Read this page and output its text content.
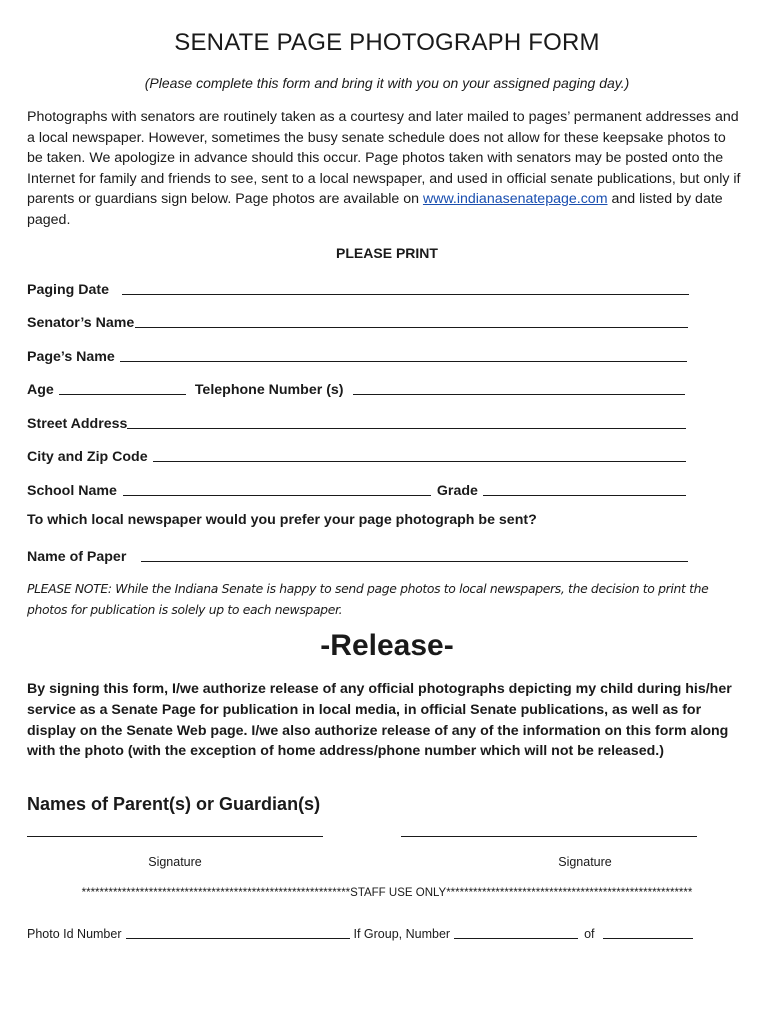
SENATE PAGE PHOTOGRAPH FORM
(Please complete this form and bring it with you on your assigned paging day.)
Photographs with senators are routinely taken as a courtesy and later mailed to pages’ permanent addresses and a local newspaper. However, sometimes the busy senate schedule does not allow for these keepsake photos to be taken. We apologize in advance should this occur. Page photos taken with senators may be posted onto the Internet for family and friends to see, sent to a local newspaper, and used in official senate publications, but only if parents or guardians sign below. Page photos are available on www.indianasenatepage.com and listed by date paged.
PLEASE PRINT
Paging Date
Senator’s Name
Page’s Name
Age	Telephone Number (s)
Street Address
City and Zip Code
School Name	Grade
To which local newspaper would you prefer your page photograph be sent?
Name of Paper
PLEASE NOTE: While the Indiana Senate is happy to send page photos to local newspapers, the decision to print the photos for publication is solely up to each newspaper.
-Release-
By signing this form, I/we authorize release of any official photographs depicting my child during his/her service as a Senate Page for publication in local media, in official Senate publications, as well as for display on the Senate Web page. I/we also authorize release of any of the information on this form along with the photo (with the exception of home address/phone number which will not be released.)
Names of Parent(s) or Guardian(s)
Signature	Signature
************************************************************STAFF USE ONLY*******************************************************
Photo Id Number	If Group, Number	of
